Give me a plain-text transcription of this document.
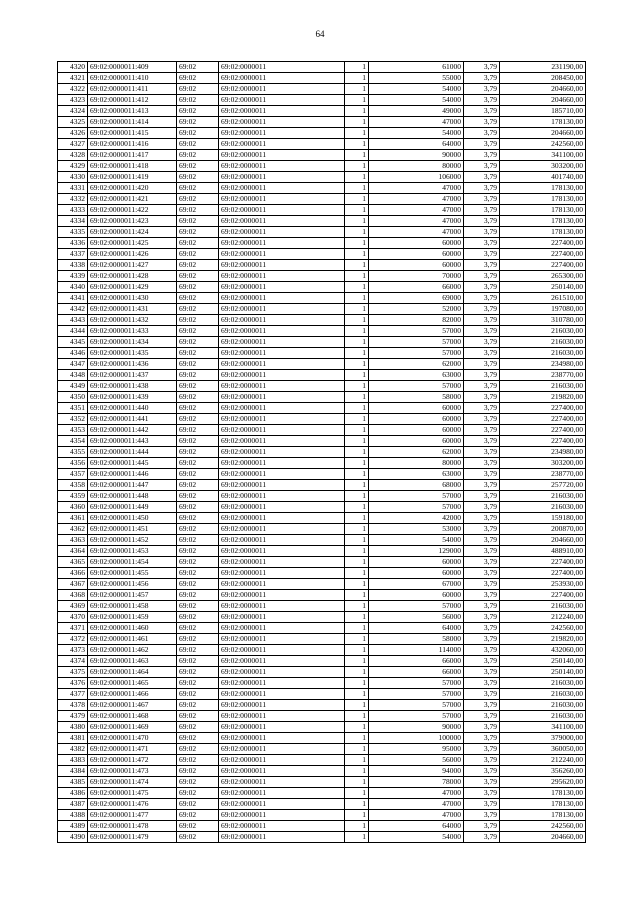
64
4320	69:02:0000011:409	69:02	69:02:0000011	1	61000	3,79	231190,00
4321	69:02:0000011:410	69:02	69:02:0000011	1	55000	3,79	208450,00
4322	69:02:0000011:411	69:02	69:02:0000011	1	54000	3,79	204660,00
4323	69:02:0000011:412	69:02	69:02:0000011	1	54000	3,79	204660,00
4324	69:02:0000011:413	69:02	69:02:0000011	1	49000	3,79	185710,00
4325	69:02:0000011:414	69:02	69:02:0000011	1	47000	3,79	178130,00
4326	69:02:0000011:415	69:02	69:02:0000011	1	54000	3,79	204660,00
4327	69:02:0000011:416	69:02	69:02:0000011	1	64000	3,79	242560,00
4328	69:02:0000011:417	69:02	69:02:0000011	1	90000	3,79	341100,00
4329	69:02:0000011:418	69:02	69:02:0000011	1	80000	3,79	303200,00
4330	69:02:0000011:419	69:02	69:02:0000011	1	106000	3,79	401740,00
4331	69:02:0000011:420	69:02	69:02:0000011	1	47000	3,79	178130,00
4332	69:02:0000011:421	69:02	69:02:0000011	1	47000	3,79	178130,00
4333	69:02:0000011:422	69:02	69:02:0000011	1	47000	3,79	178130,00
4334	69:02:0000011:423	69:02	69:02:0000011	1	47000	3,79	178130,00
4335	69:02:0000011:424	69:02	69:02:0000011	1	47000	3,79	178130,00
4336	69:02:0000011:425	69:02	69:02:0000011	1	60000	3,79	227400,00
4337	69:02:0000011:426	69:02	69:02:0000011	1	60000	3,79	227400,00
4338	69:02:0000011:427	69:02	69:02:0000011	1	60000	3,79	227400,00
4339	69:02:0000011:428	69:02	69:02:0000011	1	70000	3,79	265300,00
4340	69:02:0000011:429	69:02	69:02:0000011	1	66000	3,79	250140,00
4341	69:02:0000011:430	69:02	69:02:0000011	1	69000	3,79	261510,00
4342	69:02:0000011:431	69:02	69:02:0000011	1	52000	3,79	197080,00
4343	69:02:0000011:432	69:02	69:02:0000011	1	82000	3,79	310780,00
4344	69:02:0000011:433	69:02	69:02:0000011	1	57000	3,79	216030,00
4345	69:02:0000011:434	69:02	69:02:0000011	1	57000	3,79	216030,00
4346	69:02:0000011:435	69:02	69:02:0000011	1	57000	3,79	216030,00
4347	69:02:0000011:436	69:02	69:02:0000011	1	62000	3,79	234980,00
4348	69:02:0000011:437	69:02	69:02:0000011	1	63000	3,79	238770,00
4349	69:02:0000011:438	69:02	69:02:0000011	1	57000	3,79	216030,00
4350	69:02:0000011:439	69:02	69:02:0000011	1	58000	3,79	219820,00
4351	69:02:0000011:440	69:02	69:02:0000011	1	60000	3,79	227400,00
4352	69:02:0000011:441	69:02	69:02:0000011	1	60000	3,79	227400,00
4353	69:02:0000011:442	69:02	69:02:0000011	1	60000	3,79	227400,00
4354	69:02:0000011:443	69:02	69:02:0000011	1	60000	3,79	227400,00
4355	69:02:0000011:444	69:02	69:02:0000011	1	62000	3,79	234980,00
4356	69:02:0000011:445	69:02	69:02:0000011	1	80000	3,79	303200,00
4357	69:02:0000011:446	69:02	69:02:0000011	1	63000	3,79	238770,00
4358	69:02:0000011:447	69:02	69:02:0000011	1	68000	3,79	257720,00
4359	69:02:0000011:448	69:02	69:02:0000011	1	57000	3,79	216030,00
4360	69:02:0000011:449	69:02	69:02:0000011	1	57000	3,79	216030,00
4361	69:02:0000011:450	69:02	69:02:0000011	1	42000	3,79	159180,00
4362	69:02:0000011:451	69:02	69:02:0000011	1	53000	3,79	200870,00
4363	69:02:0000011:452	69:02	69:02:0000011	1	54000	3,79	204660,00
4364	69:02:0000011:453	69:02	69:02:0000011	1	129000	3,79	488910,00
4365	69:02:0000011:454	69:02	69:02:0000011	1	60000	3,79	227400,00
4366	69:02:0000011:455	69:02	69:02:0000011	1	60000	3,79	227400,00
4367	69:02:0000011:456	69:02	69:02:0000011	1	67000	3,79	253930,00
4368	69:02:0000011:457	69:02	69:02:0000011	1	60000	3,79	227400,00
4369	69:02:0000011:458	69:02	69:02:0000011	1	57000	3,79	216030,00
4370	69:02:0000011:459	69:02	69:02:0000011	1	56000	3,79	212240,00
4371	69:02:0000011:460	69:02	69:02:0000011	1	64000	3,79	242560,00
4372	69:02:0000011:461	69:02	69:02:0000011	1	58000	3,79	219820,00
4373	69:02:0000011:462	69:02	69:02:0000011	1	114000	3,79	432060,00
4374	69:02:0000011:463	69:02	69:02:0000011	1	66000	3,79	250140,00
4375	69:02:0000011:464	69:02	69:02:0000011	1	66000	3,79	250140,00
4376	69:02:0000011:465	69:02	69:02:0000011	1	57000	3,79	216030,00
4377	69:02:0000011:466	69:02	69:02:0000011	1	57000	3,79	216030,00
4378	69:02:0000011:467	69:02	69:02:0000011	1	57000	3,79	216030,00
4379	69:02:0000011:468	69:02	69:02:0000011	1	57000	3,79	216030,00
4380	69:02:0000011:469	69:02	69:02:0000011	1	90000	3,79	341100,00
4381	69:02:0000011:470	69:02	69:02:0000011	1	100000	3,79	379000,00
4382	69:02:0000011:471	69:02	69:02:0000011	1	95000	3,79	360050,00
4383	69:02:0000011:472	69:02	69:02:0000011	1	56000	3,79	212240,00
4384	69:02:0000011:473	69:02	69:02:0000011	1	94000	3,79	356260,00
4385	69:02:0000011:474	69:02	69:02:0000011	1	78000	3,79	295620,00
4386	69:02:0000011:475	69:02	69:02:0000011	1	47000	3,79	178130,00
4387	69:02:0000011:476	69:02	69:02:0000011	1	47000	3,79	178130,00
4388	69:02:0000011:477	69:02	69:02:0000011	1	47000	3,79	178130,00
4389	69:02:0000011:478	69:02	69:02:0000011	1	64000	3,79	242560,00
4390	69:02:0000011:479	69:02	69:02:0000011	1	54000	3,79	204660,00
